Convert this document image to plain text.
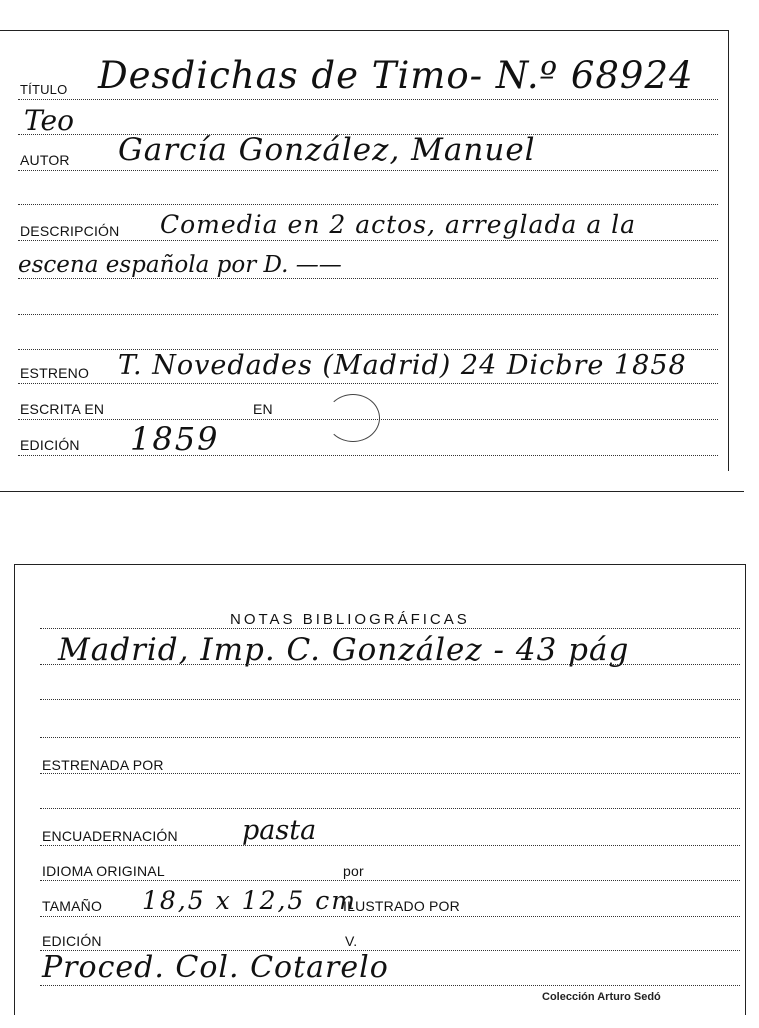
TÍTULO Desdichas de Timo- N.º 68924
Teo
AUTOR García González, Manuel
DESCRIPCIÓN Comedia en 2 actos, arreglada a la
escena española por D. ——
ESTRENO T. Novedades (Madrid) 24 Dicbre 1858
ESCRITA EN	EN
EDICIÓN 1859
NOTAS BIBLIOGRÁFICAS
Madrid, Imp. C. González - 43 pág
ESTRENADA POR
ENCUADERNACIÓN pasta
IDIOMA ORIGINAL	por
TAMAÑO 18,5 x 12,5 cm
ILUSTRADO POR
EDICIÓN	V.
Proced. Col. Cotarelo
Colección Arturo Sedó
